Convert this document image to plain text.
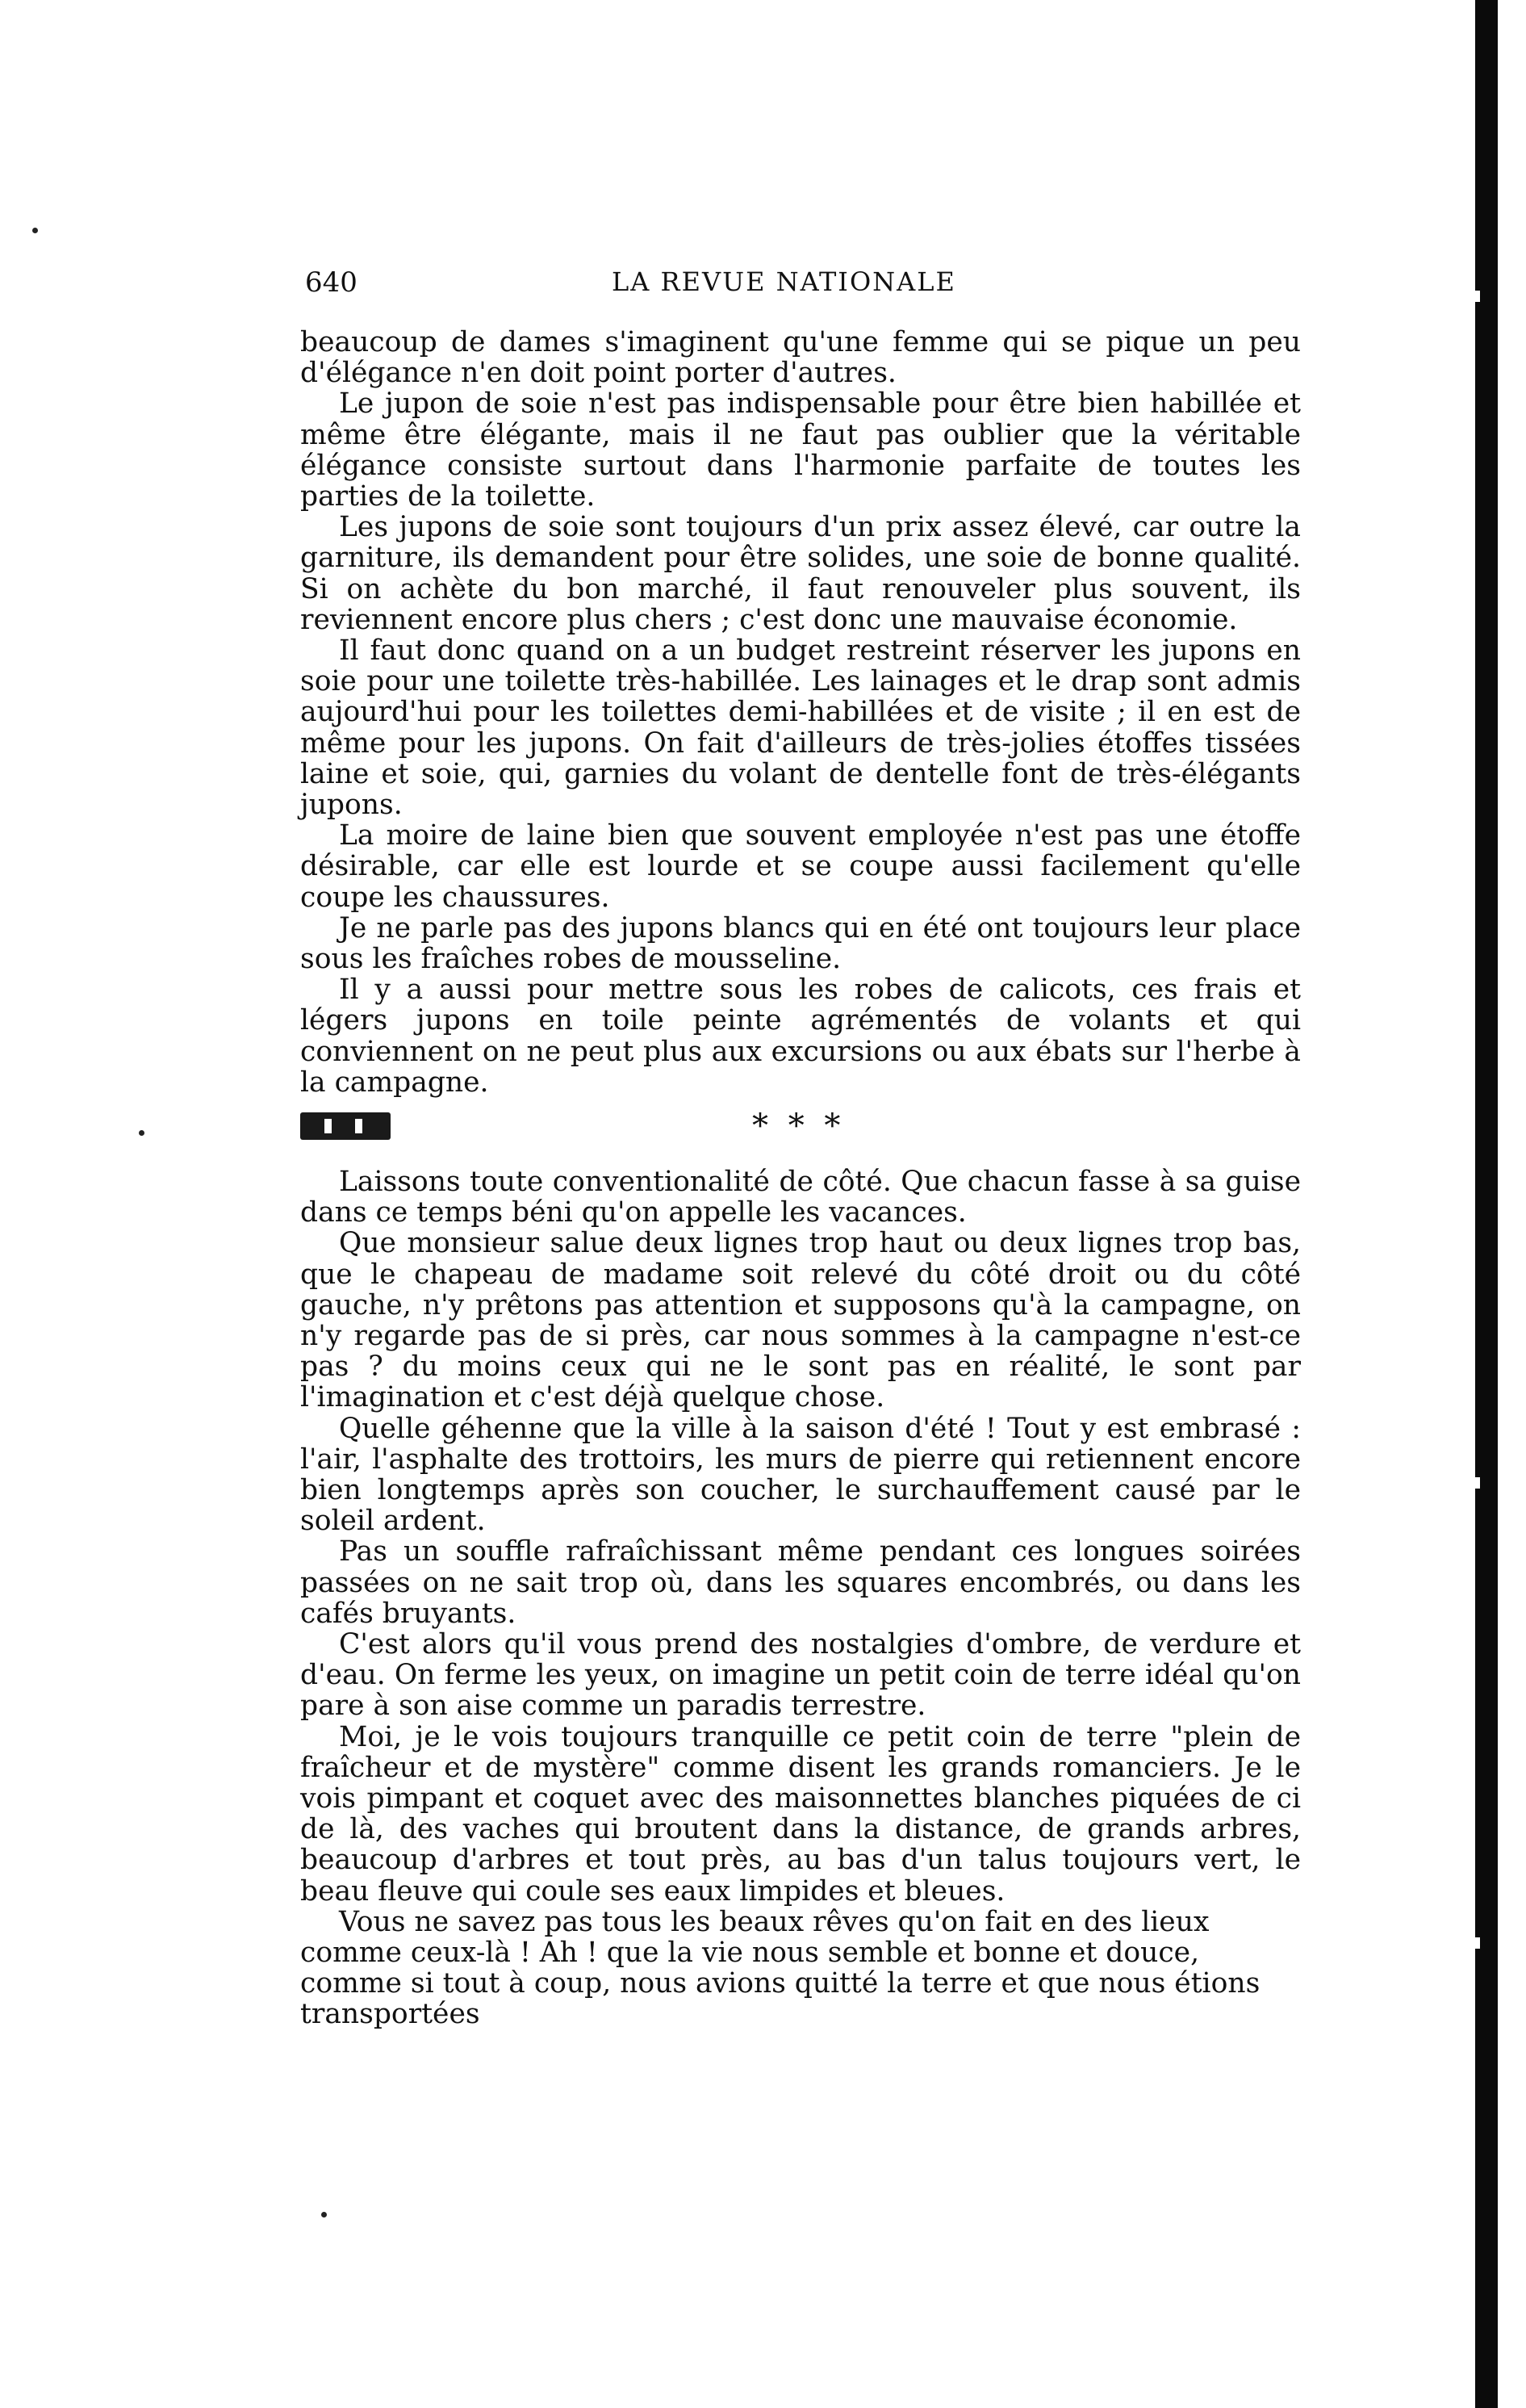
640	LA REVUE NATIONALE

beaucoup de dames s'imaginent qu'une femme qui se pique un peu d'élégance n'en doit point porter d'autres.

Le jupon de soie n'est pas indispensable pour être bien habillée et même être élégante, mais il ne faut pas oublier que la véritable élégance consiste surtout dans l'harmonie parfaite de toutes les parties de la toilette.

Les jupons de soie sont toujours d'un prix assez élevé, car outre la garniture, ils demandent pour être solides, une soie de bonne qualité. Si on achète du bon marché, il faut renouveler plus souvent, ils reviennent encore plus chers ; c'est donc une mauvaise économie.

Il faut donc quand on a un budget restreint réserver les jupons en soie pour une toilette très-habillée. Les lainages et le drap sont admis aujourd'hui pour les toilettes demi-habillées et de visite ; il en est de même pour les jupons. On fait d'ailleurs de très-jolies étoffes tissées laine et soie, qui, garnies du volant de dentelle font de très-élégants jupons.

La moire de laine bien que souvent employée n'est pas une étoffe désirable, car elle est lourde et se coupe aussi facilement qu'elle coupe les chaussures.

Je ne parle pas des jupons blancs qui en été ont toujours leur place sous les fraîches robes de mousseline.

Il y a aussi pour mettre sous les robes de calicots, ces frais et légers jupons en toile peinte agrémentés de volants et qui conviennent on ne peut plus aux excursions ou aux ébats sur l'herbe à la campagne.

* * *

Laissons toute conventionalité de côté. Que chacun fasse à sa guise dans ce temps béni qu'on appelle les vacances.

Que monsieur salue deux lignes trop haut ou deux lignes trop bas, que le chapeau de madame soit relevé du côté droit ou du côté gauche, n'y prêtons pas attention et supposons qu'à la campagne, on n'y regarde pas de si près, car nous sommes à la campagne n'est-ce pas ? du moins ceux qui ne le sont pas en réalité, le sont par l'imagination et c'est déjà quelque chose.

Quelle géhenne que la ville à la saison d'été ! Tout y est embrasé : l'air, l'asphalte des trottoirs, les murs de pierre qui retiennent encore bien longtemps après son coucher, le surchauffement causé par le soleil ardent.

Pas un souffle rafraîchissant même pendant ces longues soirées passées on ne sait trop où, dans les squares encombrés, ou dans les cafés bruyants.

C'est alors qu'il vous prend des nostalgies d'ombre, de verdure et d'eau. On ferme les yeux, on imagine un petit coin de terre idéal qu'on pare à son aise comme un paradis terrestre.

Moi, je le vois toujours tranquille ce petit coin de terre "plein de fraîcheur et de mystère" comme disent les grands romanciers. Je le vois pimpant et coquet avec des maisonnettes blanches piquées de ci de là, des vaches qui broutent dans la distance, de grands arbres, beaucoup d'arbres et tout près, au bas d'un talus toujours vert, le beau fleuve qui coule ses eaux limpides et bleues.

Vous ne savez pas tous les beaux rêves qu'on fait en des lieux comme ceux-là ! Ah ! que la vie nous semble et bonne et douce, comme si tout à coup, nous avions quitté la terre et que nous étions transportées
